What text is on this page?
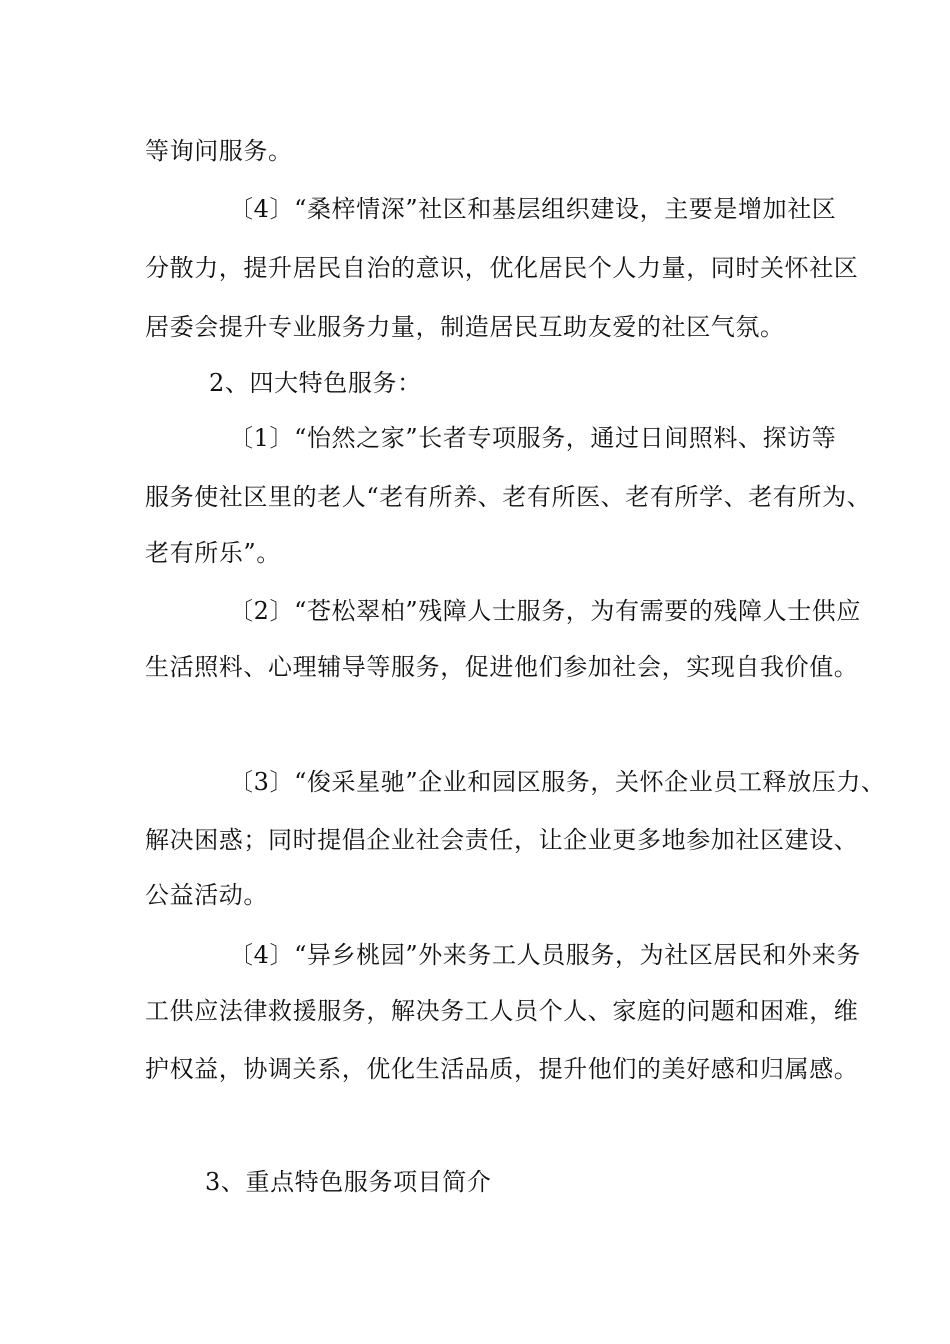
等询问服务。
〔4〕“桑梓情深”社区和基层组织建设，主要是增加社区
分散力，提升居民自治的意识，优化居民个人力量，同时关怀社区
居委会提升专业服务力量，制造居民互助友爱的社区气氛。
2、四大特色服务：
〔1〕“怡然之家”长者专项服务，通过日间照料、探访等
服务使社区里的老人“老有所养、老有所医、老有所学、老有所为、
老有所乐”。
〔2〕“苍松翠柏”残障人士服务，为有需要的残障人士供应
生活照料、心理辅导等服务，促进他们参加社会，实现自我价值。
〔3〕“俊采星驰”企业和园区服务，关怀企业员工释放压力、
解决困惑；同时提倡企业社会责任，让企业更多地参加社区建设、
公益活动。
〔4〕“异乡桃园”外来务工人员服务，为社区居民和外来务
工供应法律救援服务，解决务工人员个人、家庭的问题和困难，维
护权益，协调关系，优化生活品质，提升他们的美好感和归属感。
3、重点特色服务项目简介
